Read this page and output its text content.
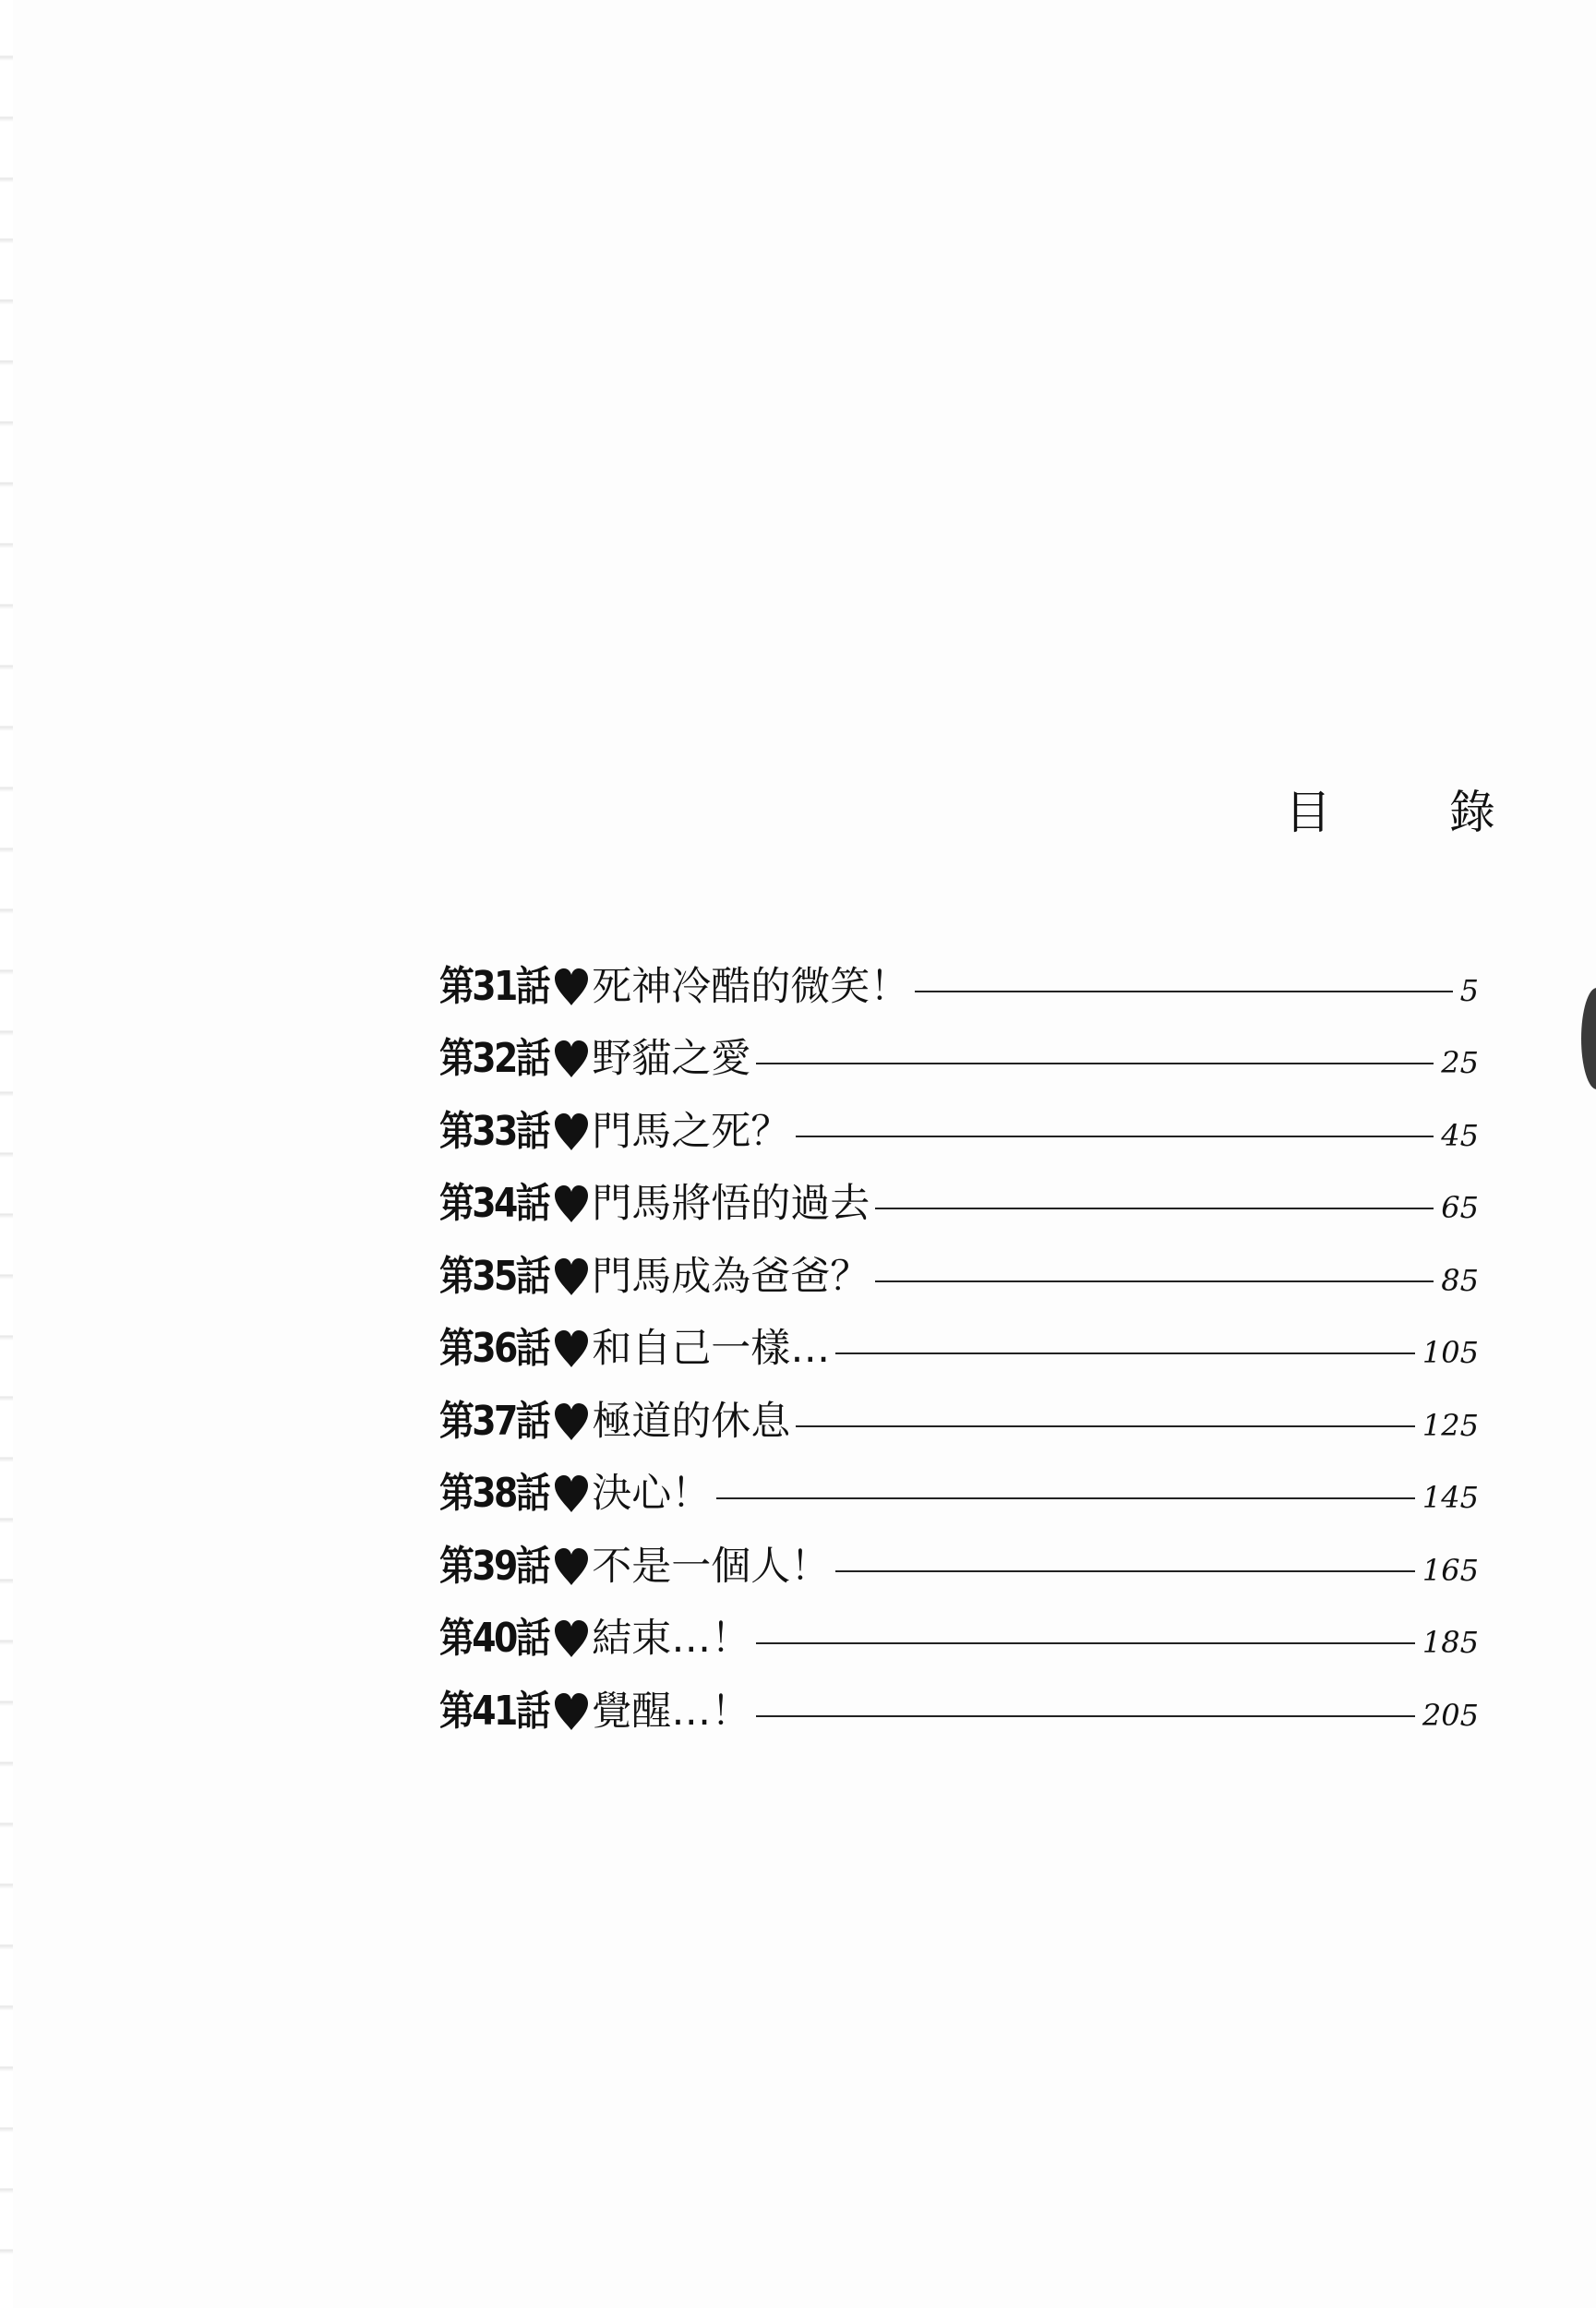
目 錄
第31話 死神冷酷的微笑！	5
第32話 野貓之愛	25
第33話 門馬之死？	45
第34話 門馬將悟的過去	65
第35話 門馬成為爸爸？	85
第36話 和自己一樣…	105
第37話 極道的休息	125
第38話 決心！	145
第39話 不是一個人！	165
第40話 結束…！	185
第41話 覺醒…！	205
